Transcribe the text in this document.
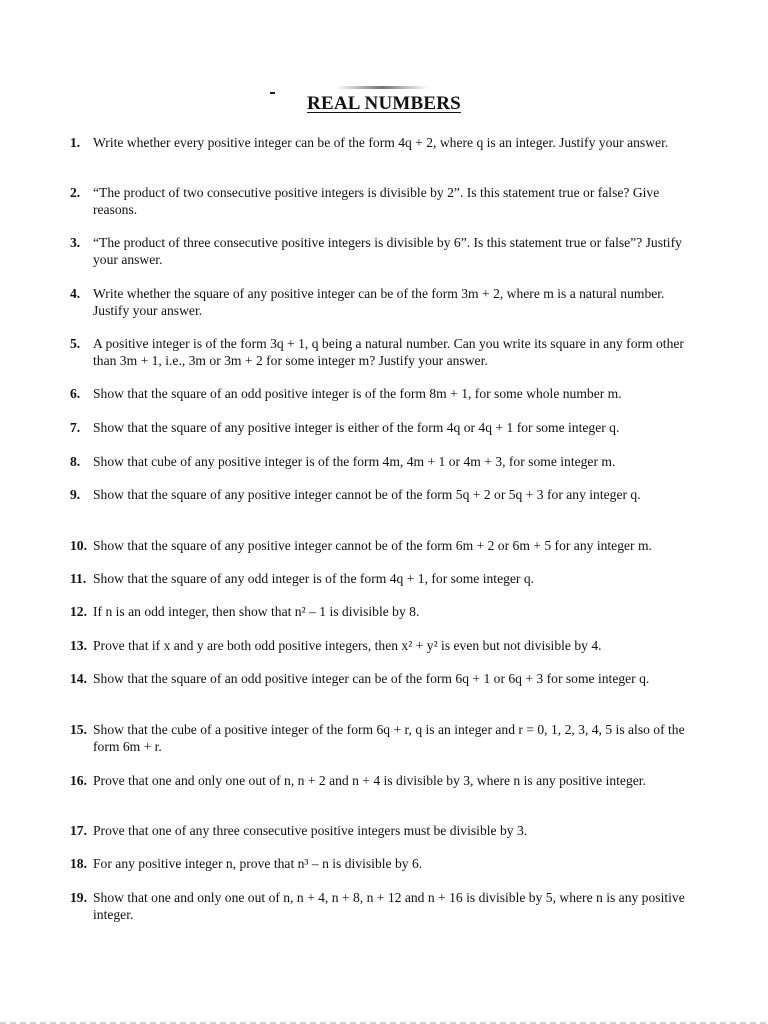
REAL NUMBERS
1. Write whether every positive integer can be of the form 4q + 2, where q is an integer. Justify your answer.
2. “The product of two consecutive positive integers is divisible by 2”. Is this statement true or false? Give reasons.
3. “The product of three consecutive positive integers is divisible by 6”. Is this statement true or false”? Justify your answer.
4. Write whether the square of any positive integer can be of the form 3m + 2, where m is a natural number. Justify your answer.
5. A positive integer is of the form 3q + 1, q being a natural number. Can you write its square in any form other than 3m + 1, i.e., 3m or 3m + 2 for some integer m? Justify your answer.
6. Show that the square of an odd positive integer is of the form 8m + 1, for some whole number m.
7. Show that the square of any positive integer is either of the form 4q or 4q + 1 for some integer q.
8. Show that cube of any positive integer is of the form 4m, 4m + 1 or 4m + 3, for some integer m.
9. Show that the square of any positive integer cannot be of the form 5q + 2 or 5q + 3 for any integer q.
10. Show that the square of any positive integer cannot be of the form 6m + 2 or 6m + 5 for any integer m.
11. Show that the square of any odd integer is of the form 4q + 1, for some integer q.
12. If n is an odd integer, then show that n² – 1 is divisible by 8.
13. Prove that if x and y are both odd positive integers, then x² + y² is even but not divisible by 4.
14. Show that the square of an odd positive integer can be of the form 6q + 1 or 6q + 3 for some integer q.
15. Show that the cube of a positive integer of the form 6q + r, q is an integer and r = 0, 1, 2, 3, 4, 5 is also of the form 6m + r.
16. Prove that one and only one out of n, n + 2 and n + 4 is divisible by 3, where n is any positive integer.
17. Prove that one of any three consecutive positive integers must be divisible by 3.
18. For any positive integer n, prove that n³ – n is divisible by 6.
19. Show that one and only one out of n, n + 4, n + 8, n + 12 and n + 16 is divisible by 5, where n is any positive integer.
